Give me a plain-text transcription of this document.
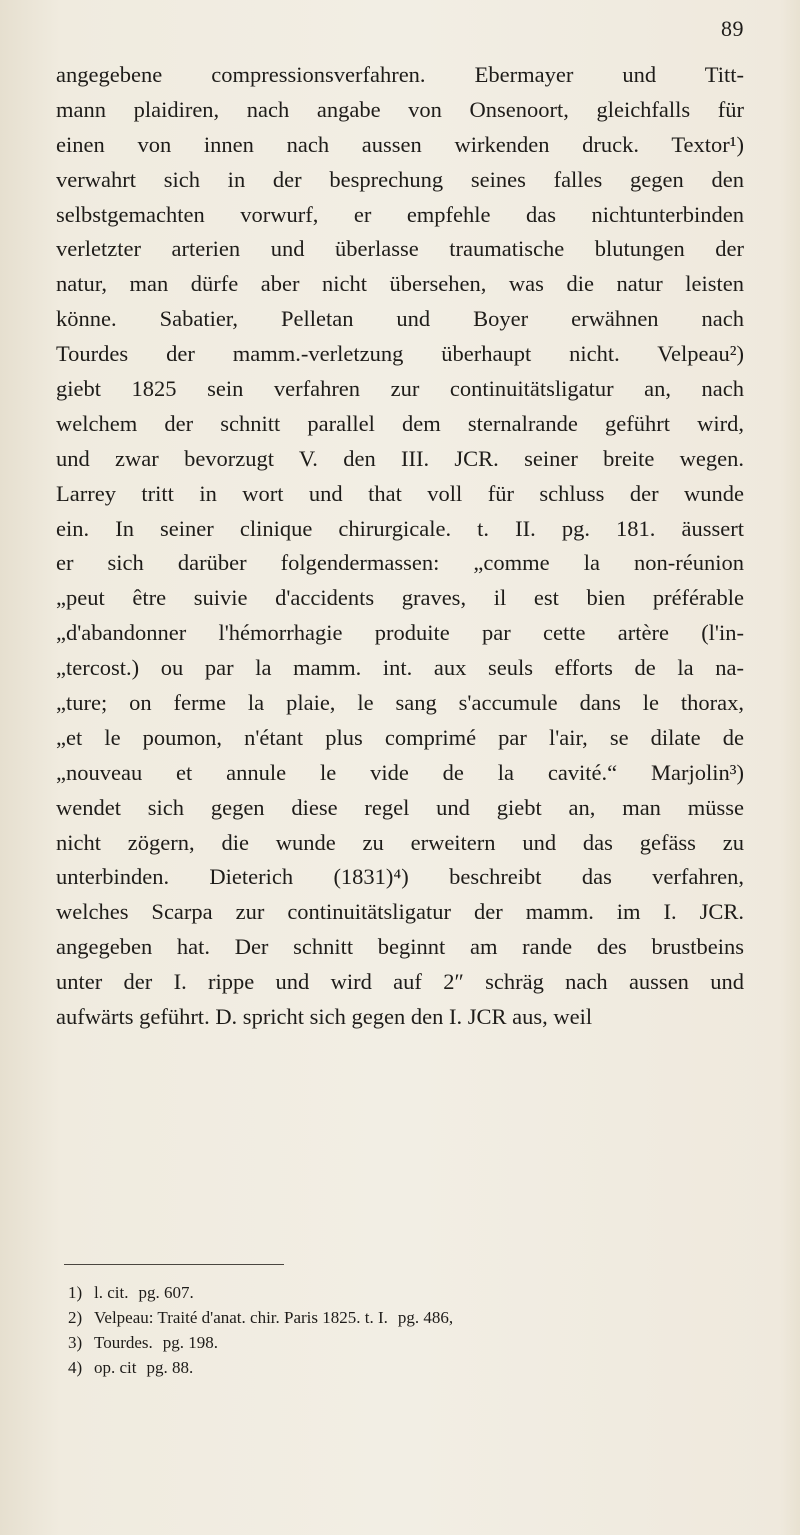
89
angegebene compressionsverfahren. Ebermayer und Titt-
mann plaidiren, nach angabe von Onsenoort, gleichfalls für
einen von innen nach aussen wirkenden druck. Textor¹)
verwahrt sich in der besprechung seines falles gegen den
selbstgemachten vorwurf, er empfehle das nichtunterbinden
verletzter arterien und überlasse traumatische blutungen der
natur, man dürfe aber nicht übersehen, was die natur leisten
könne. Sabatier, Pelletan und Boyer erwähnen nach
Tourdes der mamm.-verletzung überhaupt nicht. Velpeau²)
giebt 1825 sein verfahren zur continuitätsligatur an, nach
welchem der schnitt parallel dem sternalrande geführt wird,
und zwar bevorzugt V. den III. JCR. seiner breite wegen.
Larrey tritt in wort und that voll für schluss der wunde
ein. In seiner clinique chirurgicale. t. II. pg. 181. äussert
er sich darüber folgendermassen: „comme la non-réunion
„peut être suivie d'accidents graves, il est bien préférable
„d'abandonner l'hémorrhagie produite par cette artère (l'in-
„tercost.) ou par la mamm. int. aux seuls efforts de la na-
„ture; on ferme la plaie, le sang s'accumule dans le thorax,
„et le poumon, n'étant plus comprimé par l'air, se dilate de
„nouveau et annule le vide de la cavité.“ Marjolin³)
wendet sich gegen diese regel und giebt an, man müsse
nicht zögern, die wunde zu erweitern und das gefäss zu
unterbinden. Dieterich (1831)⁴) beschreibt das verfahren,
welches Scarpa zur continuitätsligatur der mamm. im I. JCR.
angegeben hat. Der schnitt beginnt am rande des brustbeins
unter der I. rippe und wird auf 2″ schräg nach aussen und
aufwärts geführt. D. spricht sich gegen den I. JCR aus, weil
1) l. cit. pg. 607.
2) Velpeau: Traité d'anat. chir. Paris 1825. t. I. pg. 486,
3) Tourdes. pg. 198.
4) op. cit pg. 88.
